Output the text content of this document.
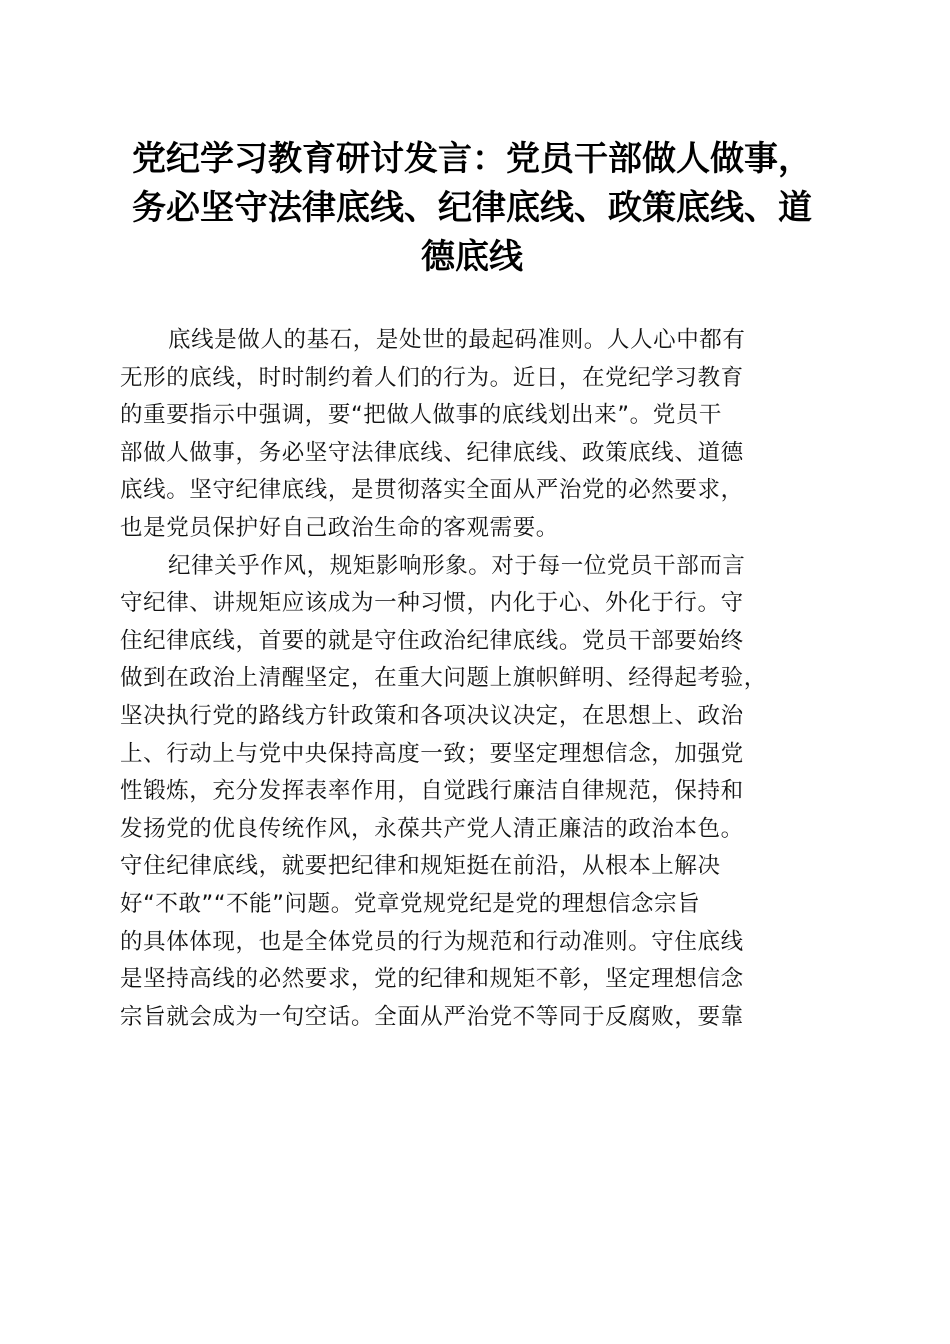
党纪学习教育研讨发言：党员干部做人做事，
务必坚守法律底线、纪律底线、政策底线、道
德底线
底线是做人的基石，是处世的最起码准则。人人心中都有
无形的底线，时时制约着人们的行为。近日，在党纪学习教育
的重要指示中强调，要“把做人做事的底线划出来”。党员干
部做人做事，务必坚守法律底线、纪律底线、政策底线、道德
底线。坚守纪律底线，是贯彻落实全面从严治党的必然要求，
也是党员保护好自己政治生命的客观需要。
纪律关乎作风，规矩影响形象。对于每一位党员干部而言
守纪律、讲规矩应该成为一种习惯，内化于心、外化于行。守
住纪律底线，首要的就是守住政治纪律底线。党员干部要始终
做到在政治上清醒坚定，在重大问题上旗帜鲜明、经得起考验，
坚决执行党的路线方针政策和各项决议决定，在思想上、政治
上、行动上与党中央保持高度一致；要坚定理想信念，加强党
性锻炼，充分发挥表率作用，自觉践行廉洁自律规范，保持和
发扬党的优良传统作风，永葆共产党人清正廉洁的政治本色。
守住纪律底线，就要把纪律和规矩挺在前沿，从根本上解决
好“不敢”“不能”问题。党章党规党纪是党的理想信念宗旨
的具体体现，也是全体党员的行为规范和行动准则。守住底线
是坚持高线的必然要求，党的纪律和规矩不彰，坚定理想信念
宗旨就会成为一句空话。全面从严治党不等同于反腐败，要靠
